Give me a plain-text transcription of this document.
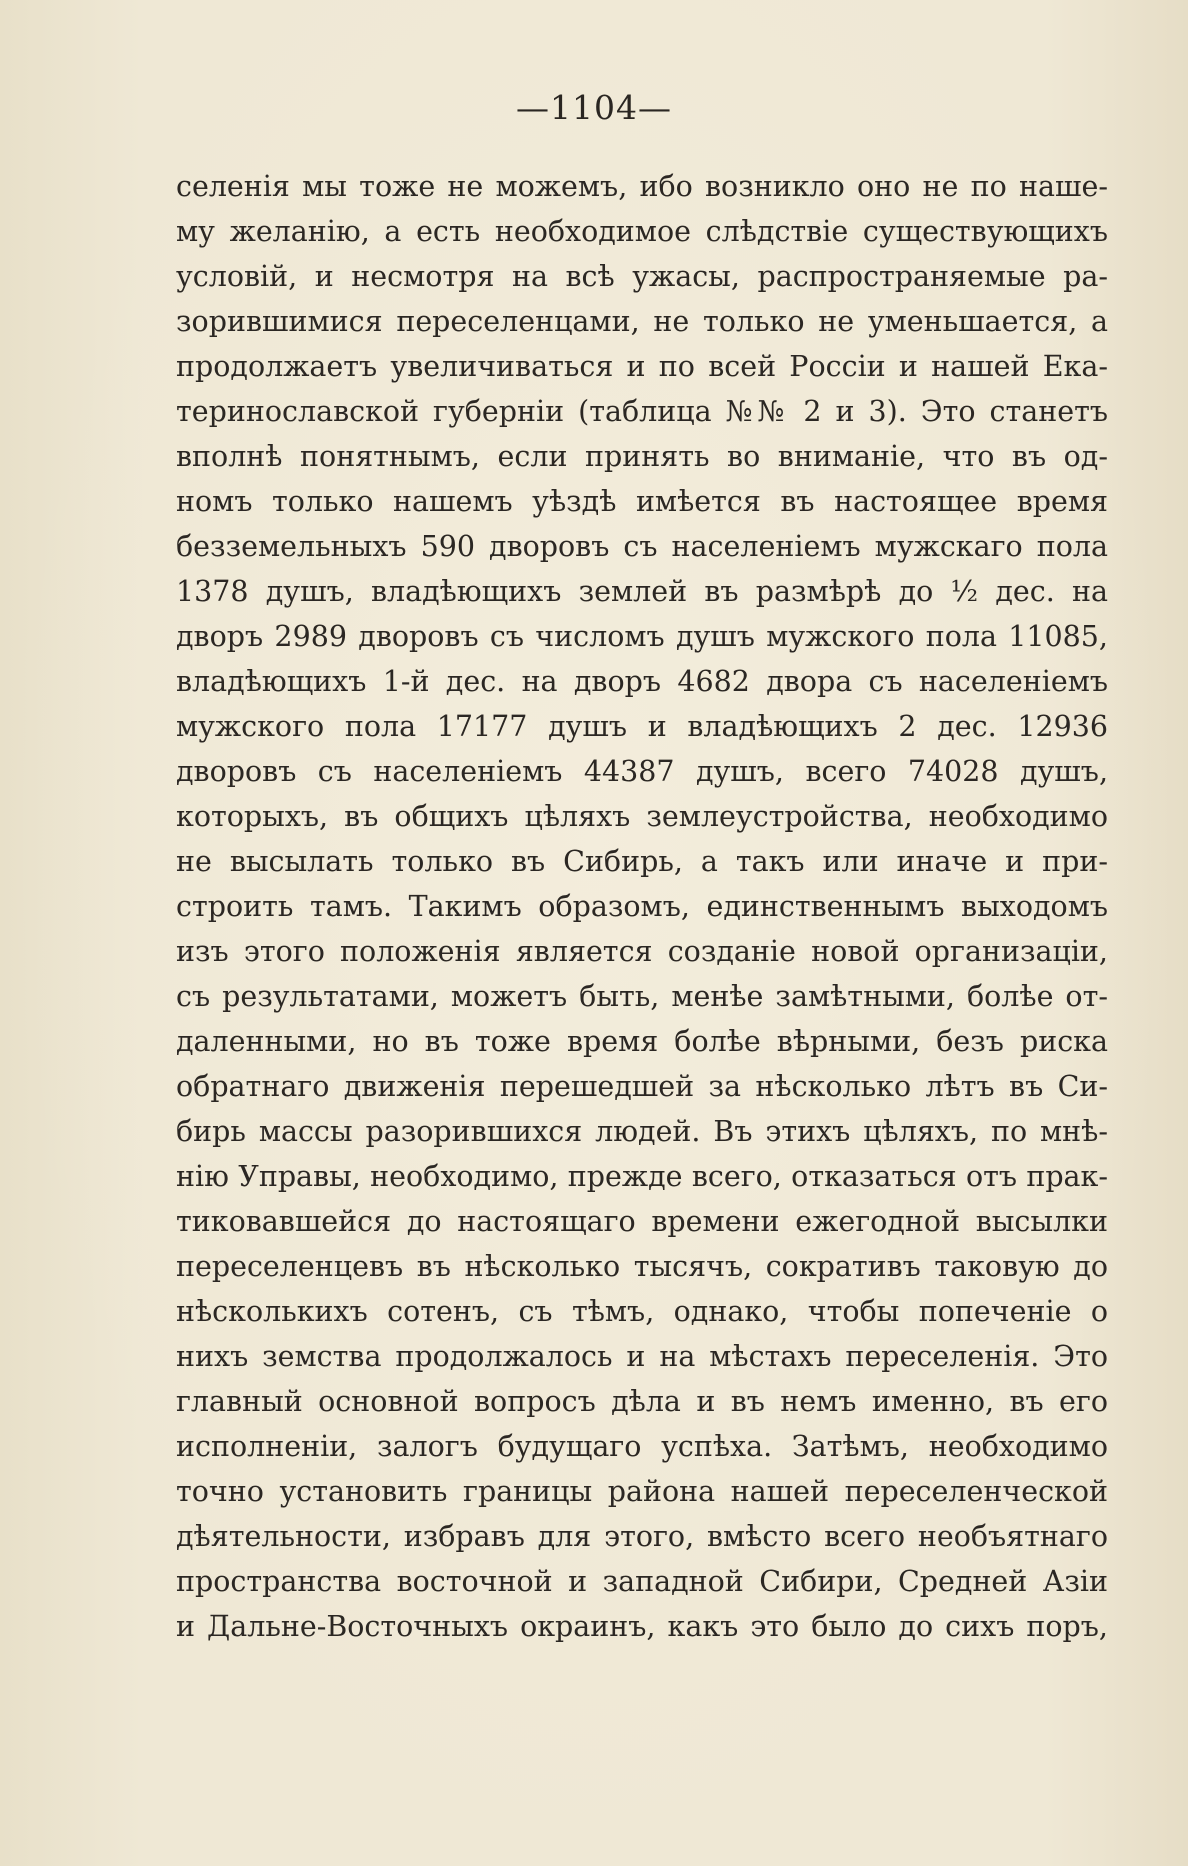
—1104—
селенія мы тоже не можемъ, ибо возникло оно не по наше-
му желанію, а есть необходимое слѣдствіе существующихъ
условій, и несмотря на всѣ ужасы, распространяемые ра-
зорившимися переселенцами, не только не уменьшается, а
продолжаетъ увеличиваться и по всей Россіи и нашей Ека-
теринославской губерніи (таблица №№ 2 и 3). Это станетъ
вполнѣ понятнымъ, если принять во вниманіе, что въ од-
номъ только нашемъ уѣздѣ имѣется въ настоящее время
безземельныхъ 590 дворовъ съ населеніемъ мужскаго пола
1378 душъ, владѣющихъ землей въ размѣрѣ до ½ дес. на
дворъ 2989 дворовъ съ числомъ душъ мужского пола 11085,
владѣющихъ 1-й дес. на дворъ 4682 двора съ населеніемъ
мужского пола 17177 душъ и владѣющихъ 2 дес. 12936
дворовъ съ населеніемъ 44387 душъ, всего 74028 душъ,
которыхъ, въ общихъ цѣляхъ землеустройства, необходимо
не высылать только въ Сибирь, а такъ или иначе и при-
строить тамъ. Такимъ образомъ, единственнымъ выходомъ
изъ этого положенія является созданіе новой организаціи,
съ результатами, можетъ быть, менѣе замѣтными, болѣе от-
даленными, но въ тоже время болѣе вѣрными, безъ риска
обратнаго движенія перешедшей за нѣсколько лѣтъ въ Си-
бирь массы разорившихся людей. Въ этихъ цѣляхъ, по мнѣ-
нію Управы, необходимо, прежде всего, отказаться отъ прак-
тиковавшейся до настоящаго времени ежегодной высылки
переселенцевъ въ нѣсколько тысячъ, сокративъ таковую до
нѣсколькихъ сотенъ, съ тѣмъ, однако, чтобы попеченіе о
нихъ земства продолжалось и на мѣстахъ переселенія. Это
главный основной вопросъ дѣла и въ немъ именно, въ его
исполненіи, залогъ будущаго успѣха. Затѣмъ, необходимо
точно установить границы района нашей переселенческой
дѣятельности, избравъ для этого, вмѣсто всего необъятнаго
пространства восточной и западной Сибири, Средней Азіи
и Дальне-Восточныхъ окраинъ, какъ это было до сихъ поръ,
